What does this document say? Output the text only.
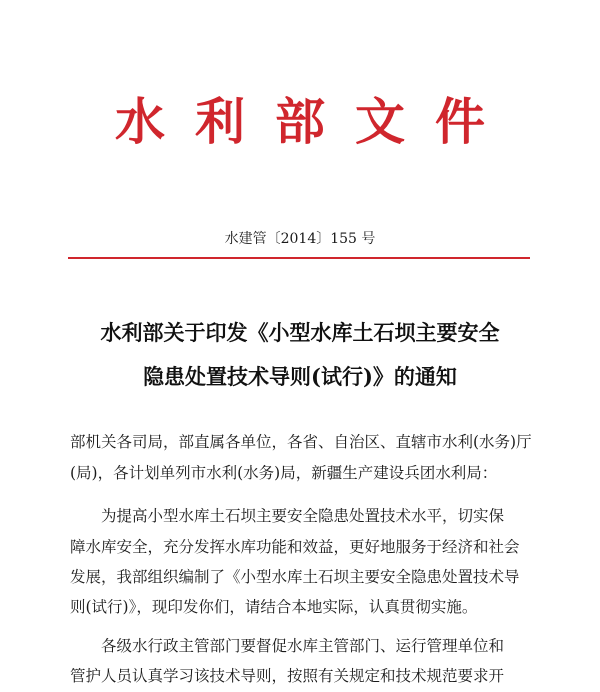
水利部文件
水建管〔2014〕155 号
水利部关于印发《小型水库土石坝主要安全
隐患处置技术导则(试行)》的通知
部机关各司局，部直属各单位，各省、自治区、直辖市水利(水务)厅
(局)，各计划单列市水利(水务)局，新疆生产建设兵团水利局：
　　为提高小型水库土石坝主要安全隐患处置技术水平，切实保
障水库安全，充分发挥水库功能和效益，更好地服务于经济和社会
发展，我部组织编制了《小型水库土石坝主要安全隐患处置技术导
则(试行)》，现印发你们，请结合本地实际，认真贯彻实施。
　　各级水行政主管部门要督促水库主管部门、运行管理单位和
管护人员认真学习该技术导则，按照有关规定和技术规范要求开
